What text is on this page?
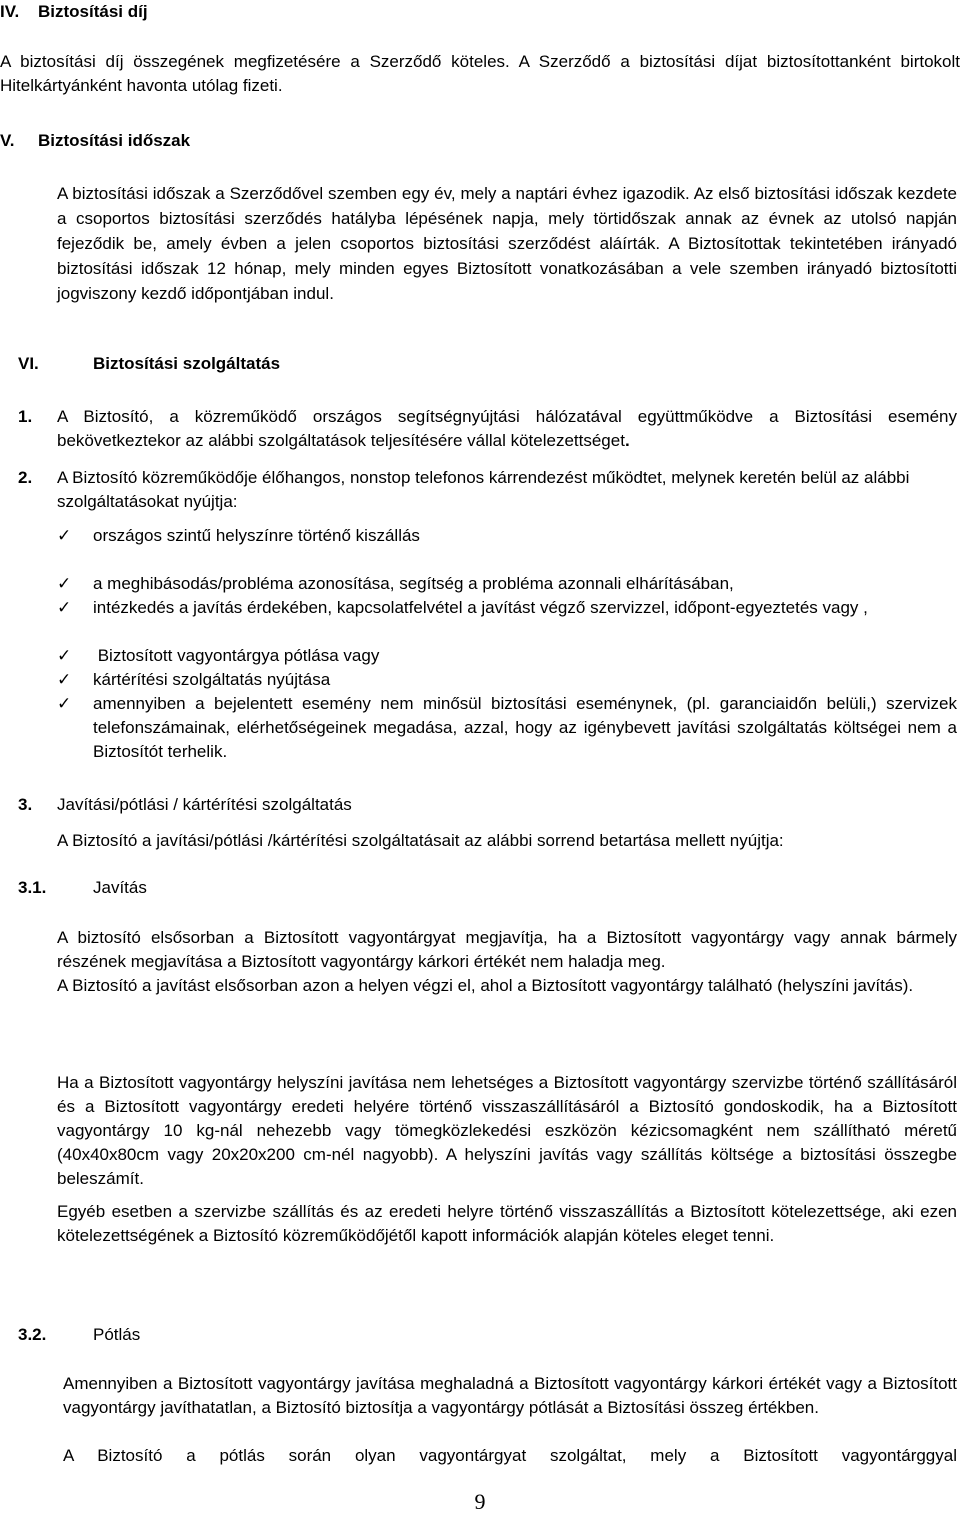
IV. Biztosítási díj
A biztosítási díj összegének megfizetésére a Szerződő köteles. A Szerződő a biztosítási díjat biztosítottanként birtokolt Hitelkártyánként havonta utólag fizeti.
V. Biztosítási időszak
A biztosítási időszak a Szerződővel szemben egy év, mely a naptári évhez igazodik. Az első biztosítási időszak kezdete a csoportos biztosítási szerződés hatályba lépésének napja, mely törtidőszak annak az évnek az utolsó napján fejeződik be, amely évben a jelen csoportos biztosítási szerződést aláírták. A Biztosítottak tekintetében irányadó biztosítási időszak 12 hónap, mely minden egyes Biztosított vonatkozásában a vele szemben irányadó biztosítotti jogviszony kezdő időpontjában indul.
VI.	Biztosítási szolgáltatás
1. A Biztosító, a közreműködő országos segítségnyújtási hálózatával együttműködve a Biztosítási esemény bekövetkeztekor az alábbi szolgáltatások teljesítésére vállal kötelezettséget.
2. A Biztosító közreműködője élőhangos, nonstop telefonos kárrendezést működtet, melynek keretén belül az alábbi szolgáltatásokat nyújtja:
✓ országos szintű helyszínre történő kiszállás
✓ a meghibásodás/probléma azonosítása, segítség a probléma azonnali elhárításában,
✓ intézkedés a javítás érdekében, kapcsolatfelvétel a javítást végző szervizzel, időpont-egyeztetés vagy ,
✓ Biztosított vagyontárgya pótlása vagy
✓ kártérítési szolgáltatás nyújtása
✓ amennyiben a bejelentett esemény nem minősül biztosítási eseménynek, (pl. garanciaidőn belüli,) szervizek telefonszámainak, elérhetőségeinek megadása, azzal, hogy az igénybevett javítási szolgáltatás költségei nem a Biztosítót terhelik.
3. Javítási/pótlási / kártérítési szolgáltatás
A Biztosító a javítási/pótlási /kártérítési szolgáltatásait az alábbi sorrend betartása mellett nyújtja:
3.1.	Javítás
A biztosító elsősorban a Biztosított vagyontárgyat megjavítja, ha a Biztosított vagyontárgy vagy annak bármely részének megjavítása a Biztosított vagyontárgy kárkori értékét nem haladja meg.
A Biztosító a javítást elsősorban azon a helyen végzi el, ahol a Biztosított vagyontárgy található (helyszíni javítás).
Ha a Biztosított vagyontárgy helyszíni javítása nem lehetséges a Biztosított vagyontárgy szervizbe történő szállításáról és a Biztosított vagyontárgy eredeti helyére történő visszaszállításáról a Biztosító gondoskodik, ha a Biztosított vagyontárgy 10 kg-nál nehezebb vagy tömegközlekedési eszközön kézicsomagként nem szállítható méretű (40x40x80cm vagy 20x20x200 cm-nél nagyobb). A helyszíni javítás vagy szállítás költsége a biztosítási összegbe beleszámít.
Egyéb esetben a szervizbe szállítás és az eredeti helyre történő visszaszállítás a Biztosított kötelezettsége, aki ezen kötelezettségének a Biztosító közreműködőjétől kapott információk alapján köteles eleget tenni.
3.2.	Pótlás
Amennyiben a Biztosított vagyontárgy javítása meghaladná a Biztosított vagyontárgy kárkori értékét vagy a Biztosított vagyontárgy javíthatatlan, a Biztosító biztosítja a vagyontárgy pótlását a Biztosítási összeg értékben.
A Biztosító a pótlás során olyan vagyontárgyat szolgáltat, mely a Biztosított vagyontárggyal
9
